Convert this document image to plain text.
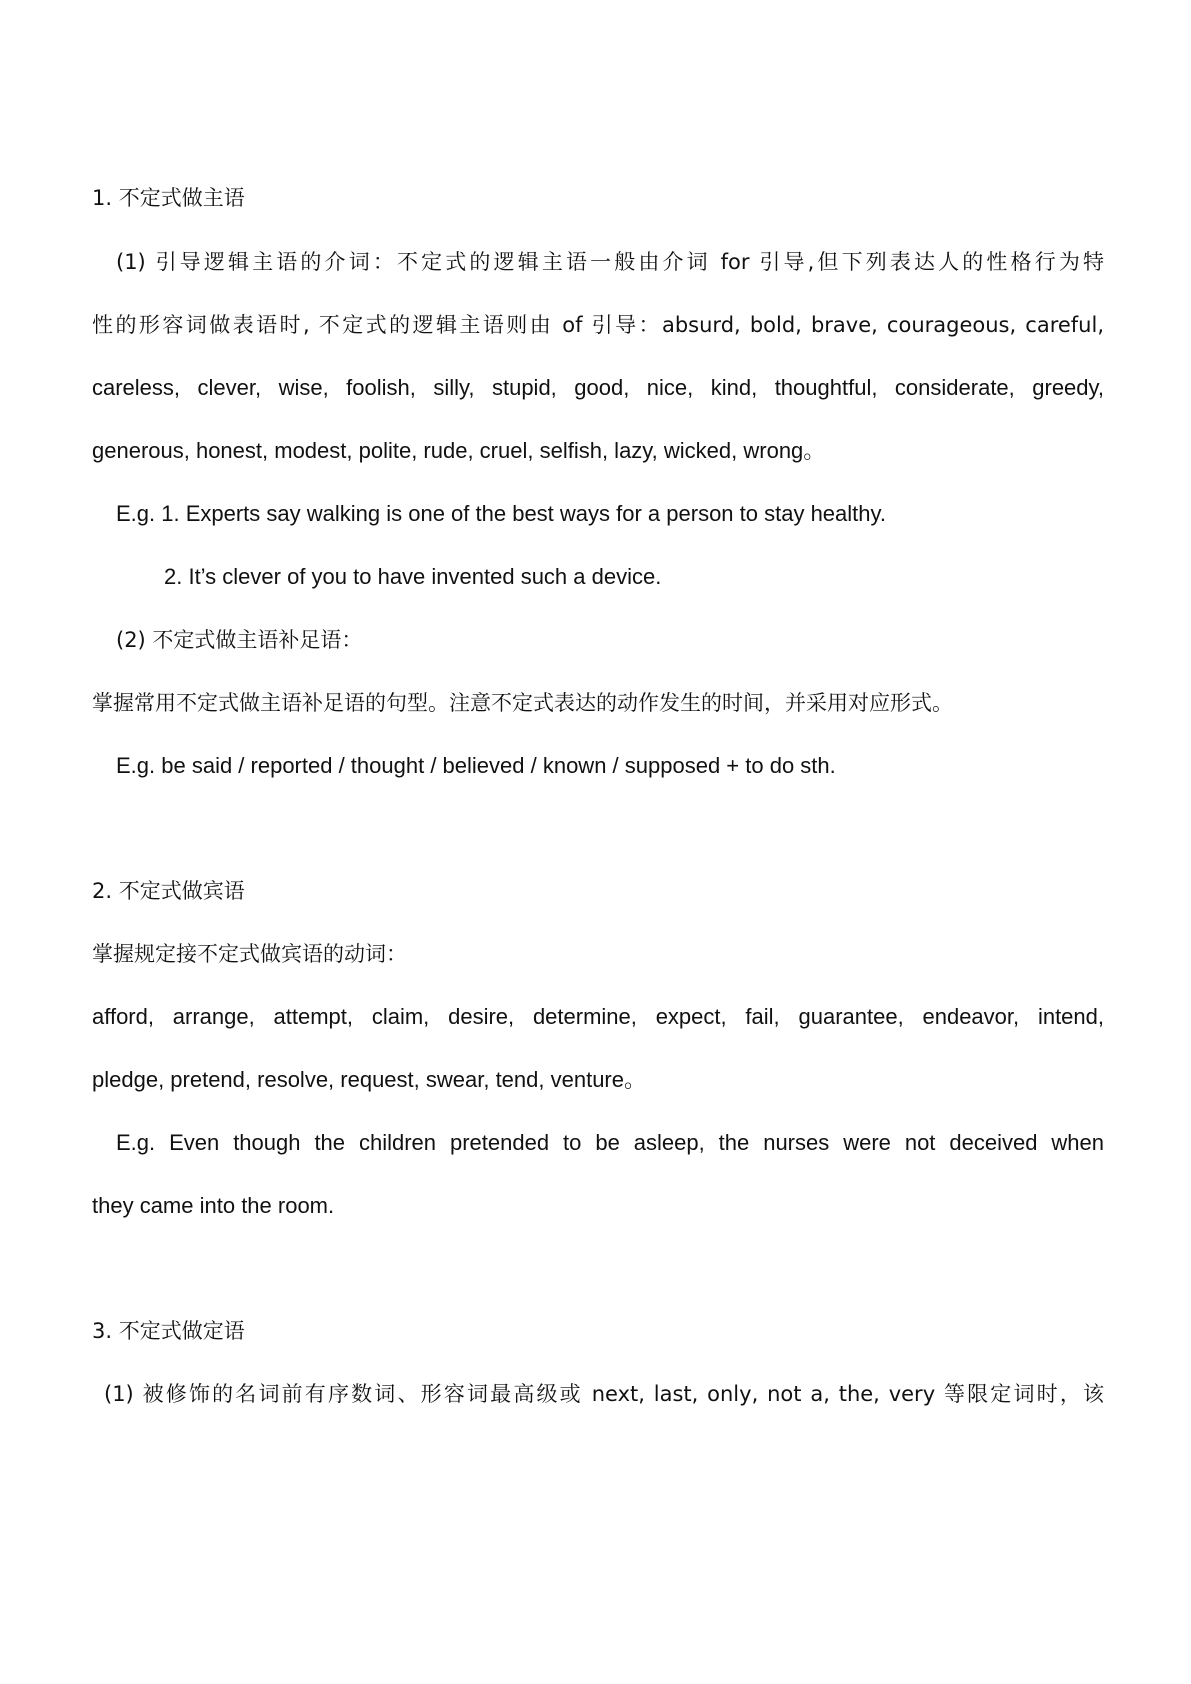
1. 不定式做主语
(1) 引导逻辑主语的介词：不定式的逻辑主语一般由介词 for 引导,但下列表达人的性格行为特
性的形容词做表语时, 不定式的逻辑主语则由 of 引导：absurd, bold, brave, courageous, careful,
careless, clever, wise, foolish, silly, stupid, good, nice, kind, thoughtful, considerate, greedy,
generous, honest, modest, polite, rude, cruel, selfish, lazy, wicked, wrong。
E.g. 1. Experts say walking is one of the best ways for a person to stay healthy.
2. It’s clever of you to have invented such a device.
(2) 不定式做主语补足语：
掌握常用不定式做主语补足语的句型。注意不定式表达的动作发生的时间，并采用对应形式。
E.g. be said / reported / thought / believed / known / supposed + to do sth.
2. 不定式做宾语
掌握规定接不定式做宾语的动词：
afford, arrange, attempt, claim, desire, determine, expect, fail, guarantee, endeavor, intend,
pledge, pretend, resolve, request, swear, tend, venture。
E.g. Even though the children pretended to be asleep, the nurses were not deceived when
they came into the room.
3. 不定式做定语
(1) 被修饰的名词前有序数词、形容词最高级或 next, last, only, not a, the, very 等限定词时，该
